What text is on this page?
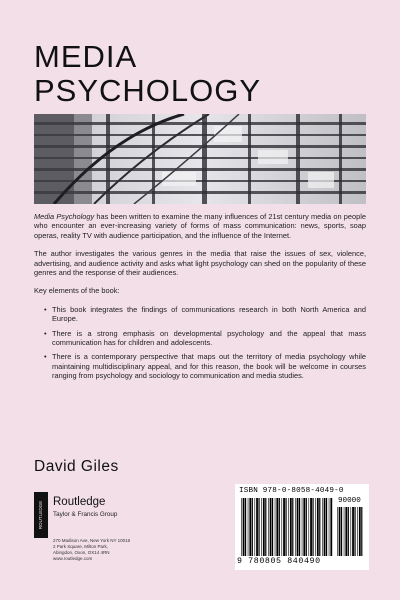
MEDIA
PSYCHOLOGY

Media Psychology has been written to examine the many influences of 21st century media on people who encounter an ever-increasing variety of forms of mass communication: news, sports, soap operas, reality TV with audience participation, and the influence of the Internet.

The author investigates the various genres in the media that raise the issues of sex, violence, advertising, and audience activity and asks what light psychology can shed on the popularity of these genres and the response of their audiences.

Key elements of the book:

• This book integrates the findings of communications research in both North America and Europe.
• There is a strong emphasis on developmental psychology and the appeal that mass communication has for children and adolescents.
• There is a contemporary perspective that maps out the territory of media psychology while maintaining multidisciplinary appeal, and for this reason, the book will be welcome in courses ranging from psychology and sociology to communication and media studies.
David Giles
ROUTLEDGE Routledge
Taylor & Francis Group
270 Madison Ave, New York NY 10016
2 Park Square, Milton Park,
Abingdon, Oxon, OX14 4RN
www.routledge.com
ISBN 978-0-8058-4049-0
90000
9 780805 840490
